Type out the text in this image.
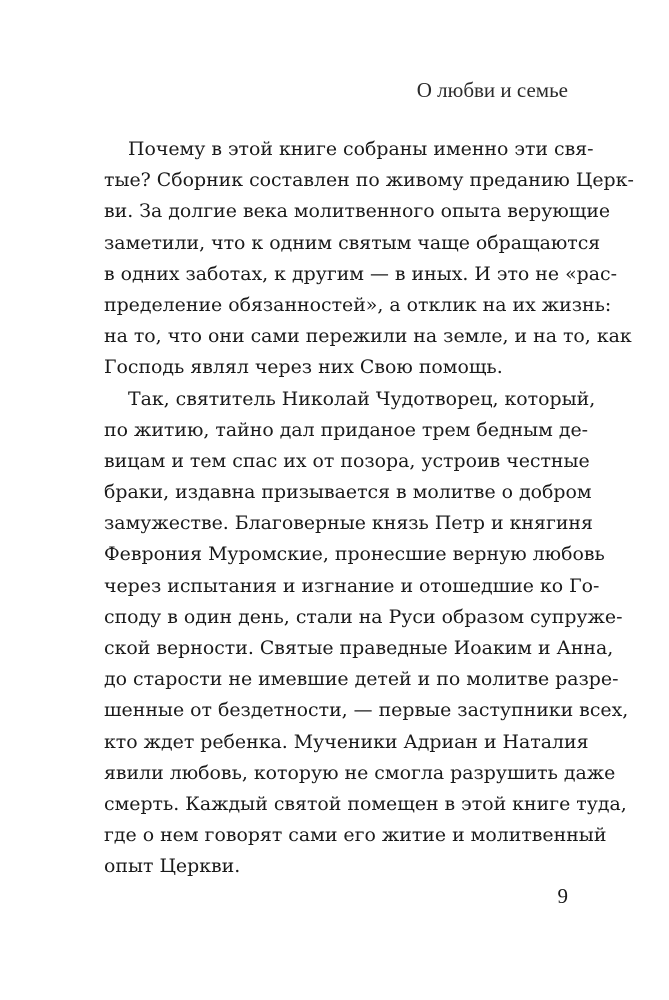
О любви и семье
Почему в этой книге собраны именно эти свя-
тые? Сборник составлен по живому преданию Церк-
ви. За долгие века молитвенного опыта верующие
заметили, что к одним святым чаще обращаются
в одних заботах, к другим — в иных. И это не «рас-
пределение обязанностей», а отклик на их жизнь:
на то, что они сами пережили на земле, и на то, как
Господь являл через них Свою помощь.
Так, святитель Николай Чудотворец, который,
по житию, тайно дал приданое трем бедным де-
вицам и тем спас их от позора, устроив честные
браки, издавна призывается в молитве о добром
замужестве. Благоверные князь Петр и княгиня
Феврония Муромские, пронесшие верную любовь
через испытания и изгнание и отошедшие ко Го-
споду в один день, стали на Руси образом супруже-
ской верности. Святые праведные Иоаким и Анна,
до старости не имевшие детей и по молитве разре-
шенные от бездетности, — первые заступники всех,
кто ждет ребенка. Мученики Адриан и Наталия
явили любовь, которую не смогла разрушить даже
смерть. Каждый святой помещен в этой книге туда,
где о нем говорят сами его житие и молитвенный
опыт Церкви.
9
